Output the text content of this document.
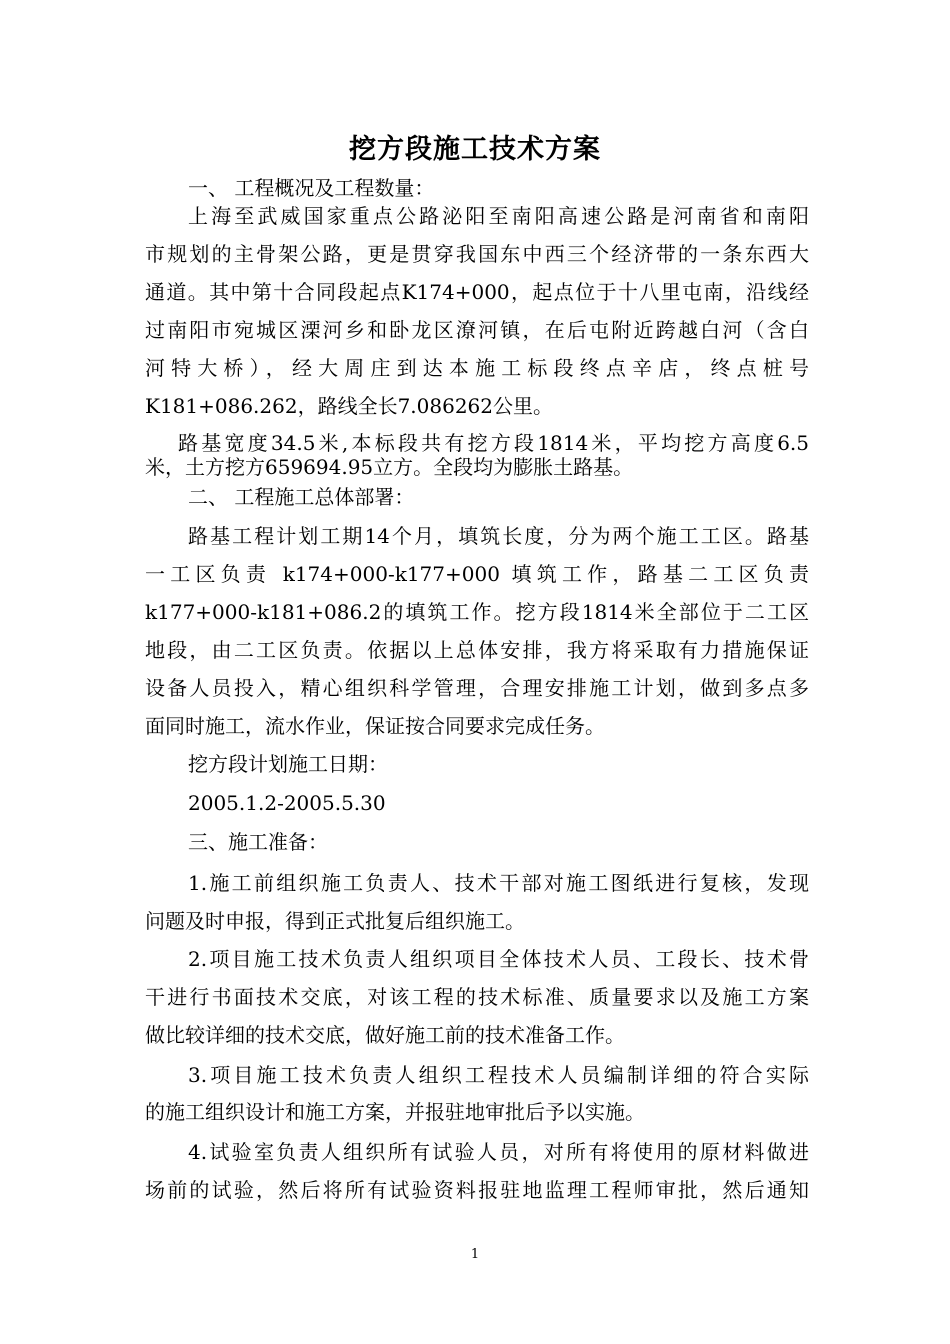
挖方段施工技术方案
一、 工程概况及工程数量：
上海至武威国家重点公路泌阳至南阳高速公路是河南省和南阳
市规划的主骨架公路，更是贯穿我国东中西三个经济带的一条东西大
通道。其中第十合同段起点K174+000，起点位于十八里屯南，沿线经
过南阳市宛城区溧河乡和卧龙区潦河镇，在后屯附近跨越白河（含白
河特大桥），经大周庄到达本施工标段终点辛店，终点桩号
K181+086.262，路线全长7.086262公里。
路基宽度34.5米,本标段共有挖方段1814米，平均挖方高度6.5
米，土方挖方659694.95立方。全段均为膨胀土路基。
二、 工程施工总体部署：
路基工程计划工期14个月，填筑长度，分为两个施工工区。路基
一工区负责 k174+000-k177+000 填筑工作，路基二工区负责
k177+000-k181+086.2的填筑工作。挖方段1814米全部位于二工区
地段，由二工区负责。依据以上总体安排，我方将采取有力措施保证
设备人员投入，精心组织科学管理，合理安排施工计划，做到多点多
面同时施工，流水作业，保证按合同要求完成任务。
挖方段计划施工日期：
2005.1.2-2005.5.30
三、施工准备：
1.施工前组织施工负责人、技术干部对施工图纸进行复核，发现
问题及时申报，得到正式批复后组织施工。
2.项目施工技术负责人组织项目全体技术人员、工段长、技术骨
干进行书面技术交底，对该工程的技术标准、质量要求以及施工方案
做比较详细的技术交底，做好施工前的技术准备工作。
3.项目施工技术负责人组织工程技术人员编制详细的符合实际
的施工组织设计和施工方案，并报驻地审批后予以实施。
4.试验室负责人组织所有试验人员，对所有将使用的原材料做进
场前的试验，然后将所有试验资料报驻地监理工程师审批，然后通知
1
